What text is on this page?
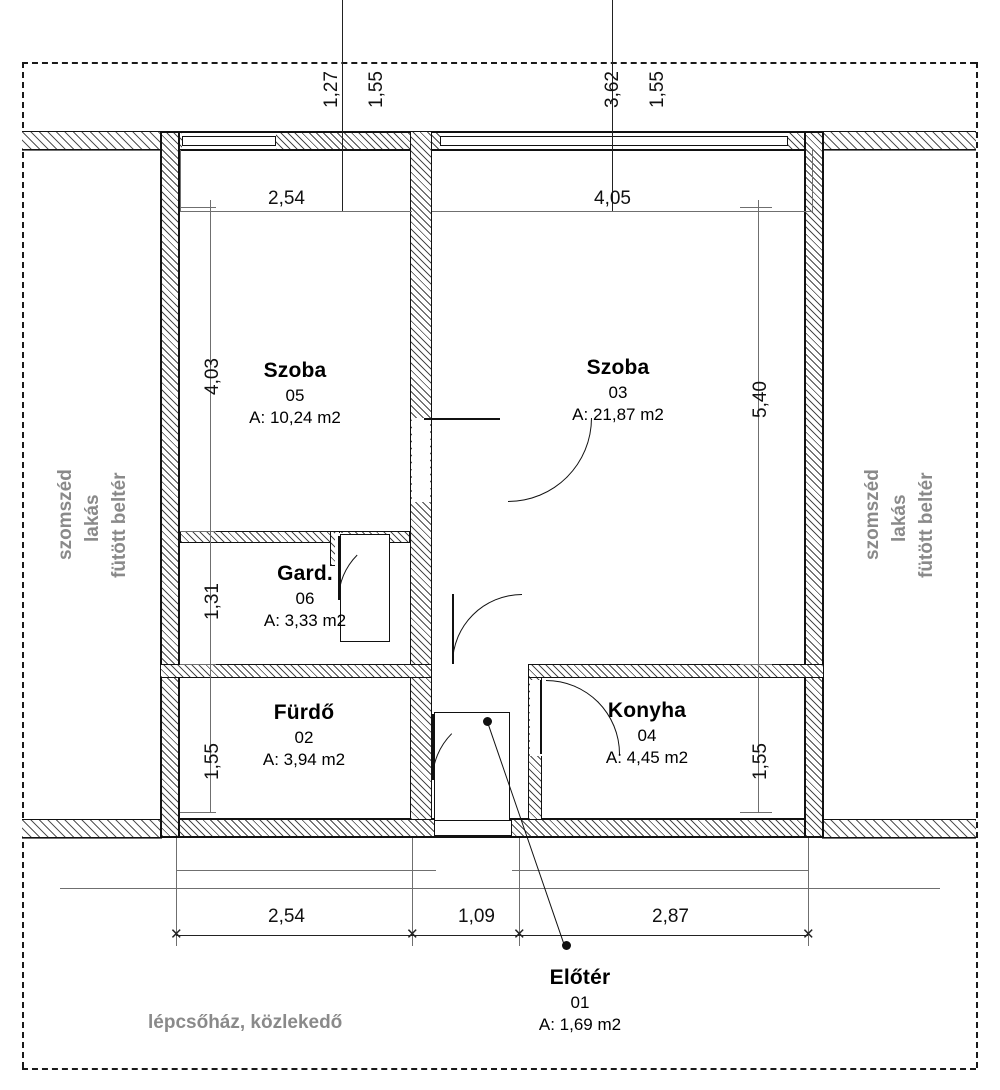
1,27 1,55	3,62 1,55
2,54	4,05
4,03
1,31
1,55
5,40
1,55
✕	✕	✕	✕
2,54	1,09	2,87
Szoba
05
A: 10,24 m2
Szoba
03
A: 21,87 m2
Gard.
06
A: 3,33 m2
Fürdő
02
A: 3,94 m2
Konyha
04
A: 4,45 m2
Előtér
01
A: 1,69 m2
szomszéd lakás fütött beltér	szomszéd lakás fütött beltér
lépcsőház, közlekedő
